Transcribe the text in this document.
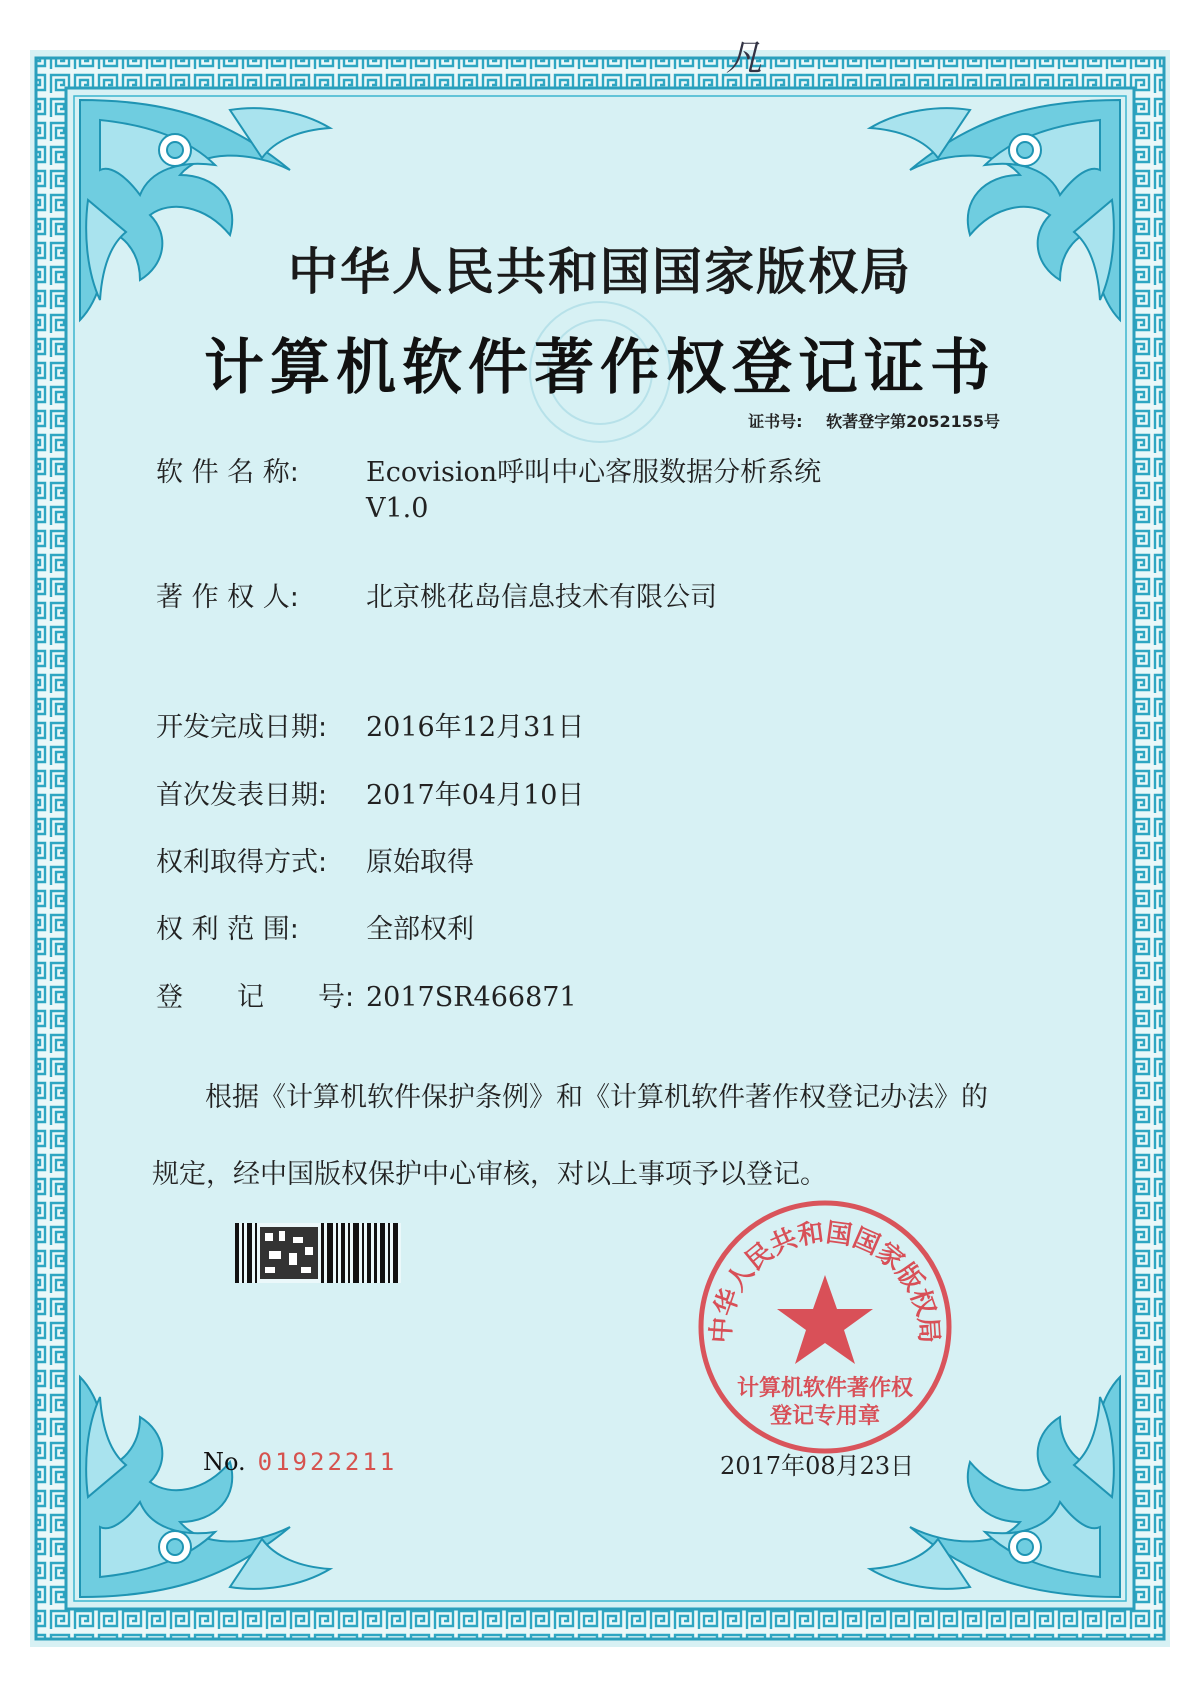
凡
中华人民共和国国家版权局
计算机软件著作权登记证书
证书号: 软著登字第2052155号
软 件 名 称: Ecovision呼叫中心客服数据分析系统
V1.0
著 作 权 人: 北京桃花岛信息技术有限公司
开发完成日期: 2016年12月31日
首次发表日期: 2017年04月10日
权利取得方式: 原始取得
权 利 范 围: 全部权利
登　　记　　号: 2017SR466871
根据《计算机软件保护条例》和《计算机软件著作权登记办法》的
规定，经中国版权保护中心审核，对以上事项予以登记。
No. 01922211
中华人民共和国国家版权局
计算机软件著作权
登记专用章
2017年08月23日
